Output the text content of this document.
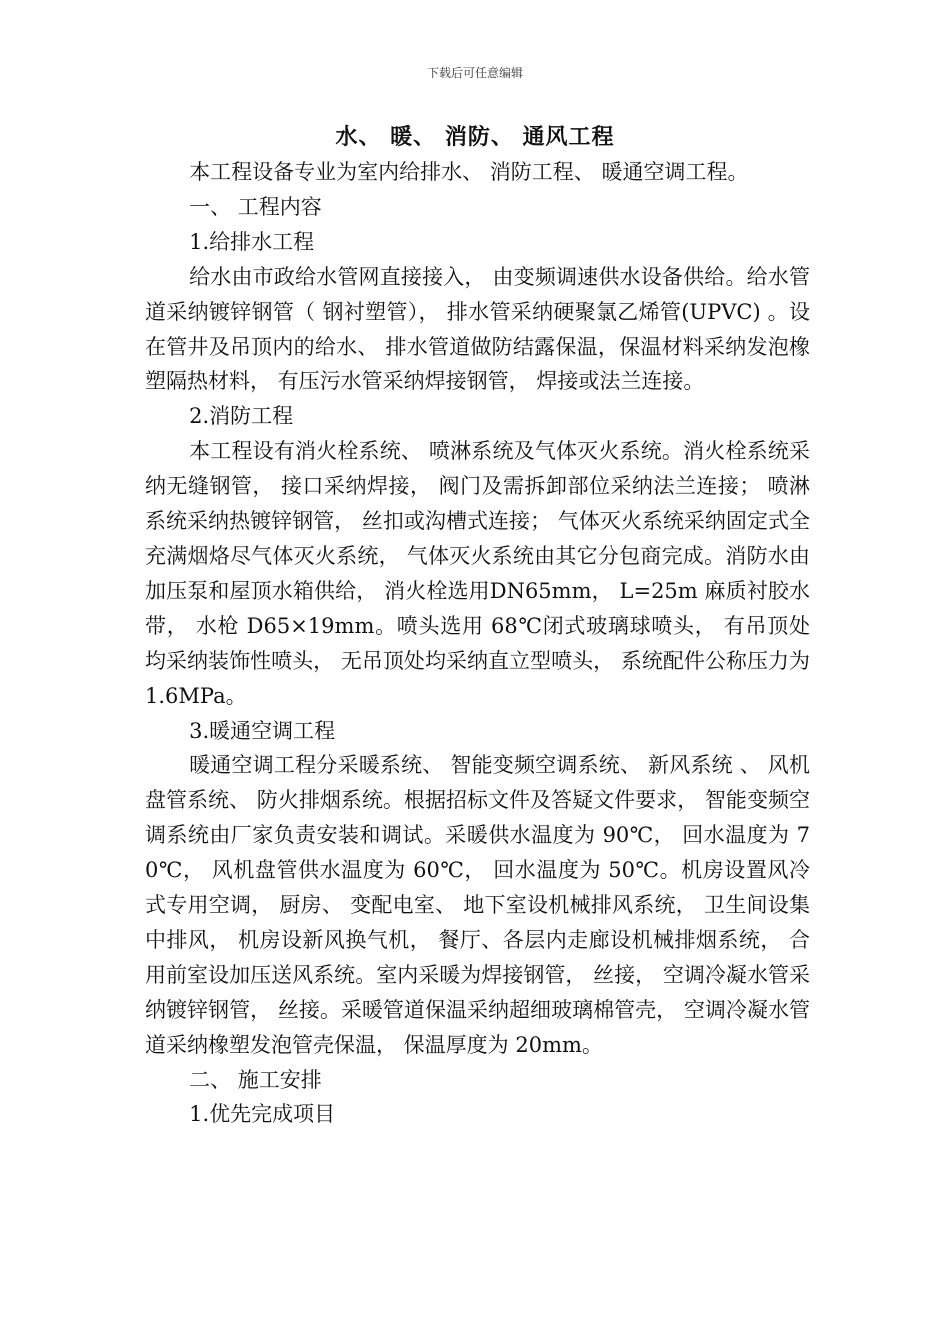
下载后可任意编辑
水、 暖、 消防、 通风工程

本工程设备专业为室内给排水、 消防工程、 暖通空调工程。

一、 工程内容

1.给排水工程

给水由市政给水管网直接接入， 由变频调速供水设备供给。给水管道采纳镀锌钢管（ 钢衬塑管）， 排水管采纳硬聚氯乙烯管(UPVC) 。设在管井及吊顶内的给水、 排水管道做防结露保温，保温材料采纳发泡橡塑隔热材料， 有压污水管采纳焊接钢管， 焊接或法兰连接。

2.消防工程

本工程设有消火栓系统、 喷淋系统及气体灭火系统。消火栓系统采纳无缝钢管， 接口采纳焊接， 阀门及需拆卸部位采纳法兰连接； 喷淋系统采纳热镀锌钢管， 丝扣或沟槽式连接； 气体灭火系统采纳固定式全充满烟烙尽气体灭火系统， 气体灭火系统由其它分包商完成。消防水由加压泵和屋顶水箱供给， 消火栓选用DN65mm， L=25m 麻质衬胶水带， 水枪 D65×19mm。喷头选用 68℃闭式玻璃球喷头， 有吊顶处均采纳装饰性喷头， 无吊顶处均采纳直立型喷头， 系统配件公称压力为 1.6MPa。

3.暖通空调工程

暖通空调工程分采暖系统、 智能变频空调系统、 新风系统 、 风机盘管系统、 防火排烟系统。根据招标文件及答疑文件要求， 智能变频空调系统由厂家负责安装和调试。采暖供水温度为 90℃， 回水温度为 70℃， 风机盘管供水温度为 60℃， 回水温度为 50℃。机房设置风冷式专用空调， 厨房、 变配电室、 地下室设机械排风系统， 卫生间设集中排风， 机房设新风换气机， 餐厅、各层内走廊设机械排烟系统， 合用前室设加压送风系统。室内采暖为焊接钢管， 丝接， 空调冷凝水管采纳镀锌钢管， 丝接。采暖管道保温采纳超细玻璃棉管壳， 空调冷凝水管道采纳橡塑发泡管壳保温， 保温厚度为 20mm。

二、 施工安排

1.优先完成项目
